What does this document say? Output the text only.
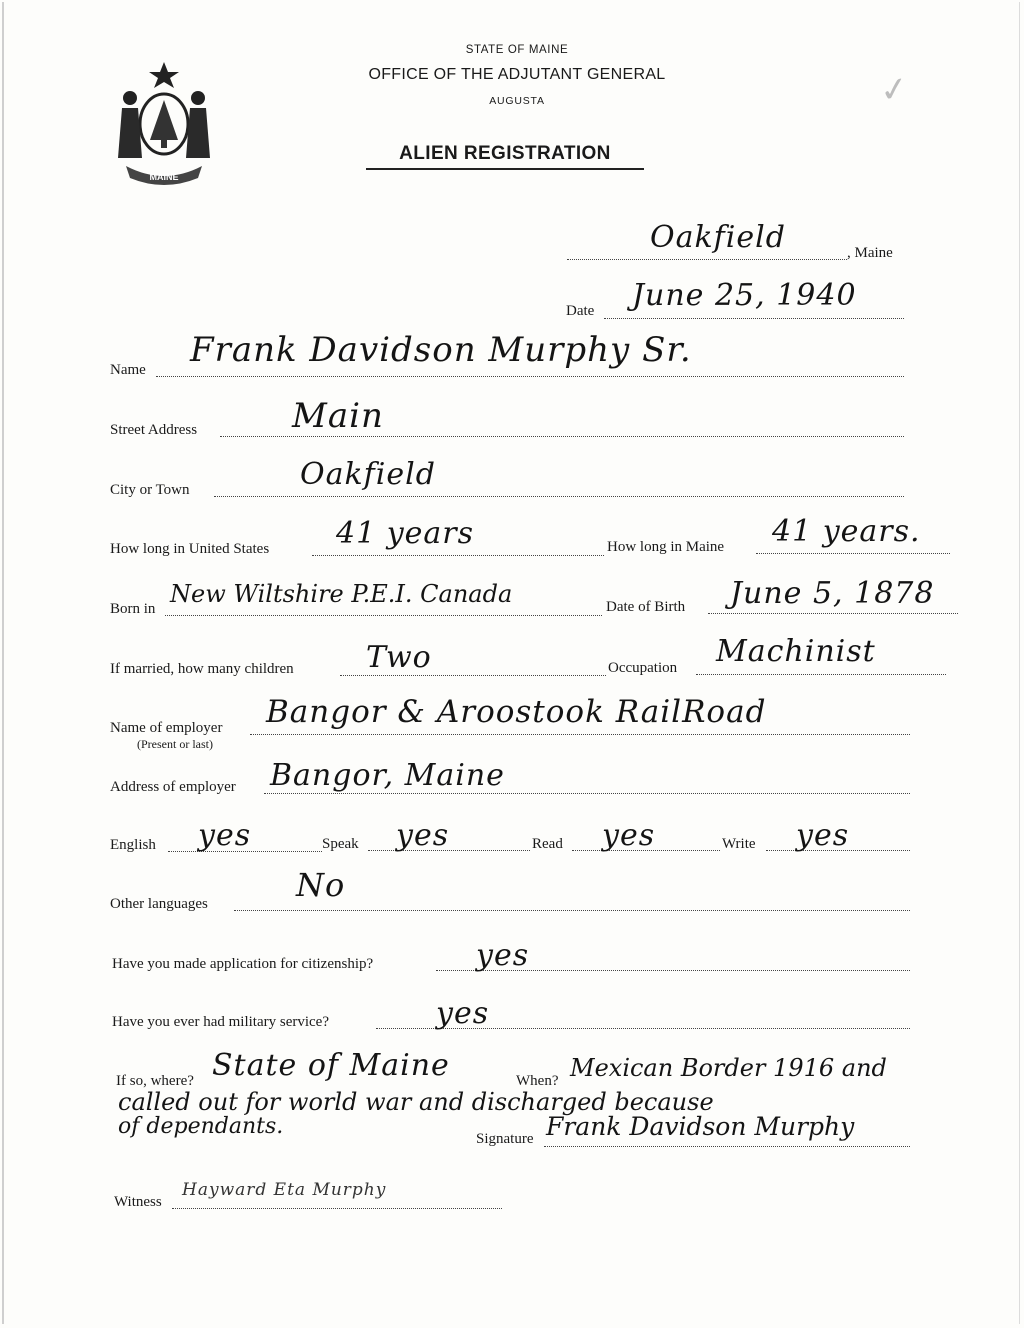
MAINE
✓
STATE OF MAINE
OFFICE OF THE ADJUTANT GENERAL
AUGUSTA
ALIEN REGISTRATION
Oakfield	, Maine
Date June 25, 1940
Name Frank Davidson Murphy Sr.
Street Address	Main
City or Town	Oakfield
How long in United States 41 years	How long in Maine 41 years.
Born in
New Wiltshire P.E.I. Canada	Date of Birth June 5, 1878
If married, how many children Two	Occupation Machinist
Name of employer
(Present or last)
Bangor & Aroostook RailRoad
Address of employer Bangor, Maine
English yes	Speak yes	Read yes	Write yes
Other languages	No
Have you made application for citizenship?	yes
Have you ever had military service?	yes
If so, where? State of Maine	When? Mexican Border 1916 and
called out for world war and discharged because
of dependants.	Signature Frank Davidson Murphy
Witness
Hayward Eta Murphy
